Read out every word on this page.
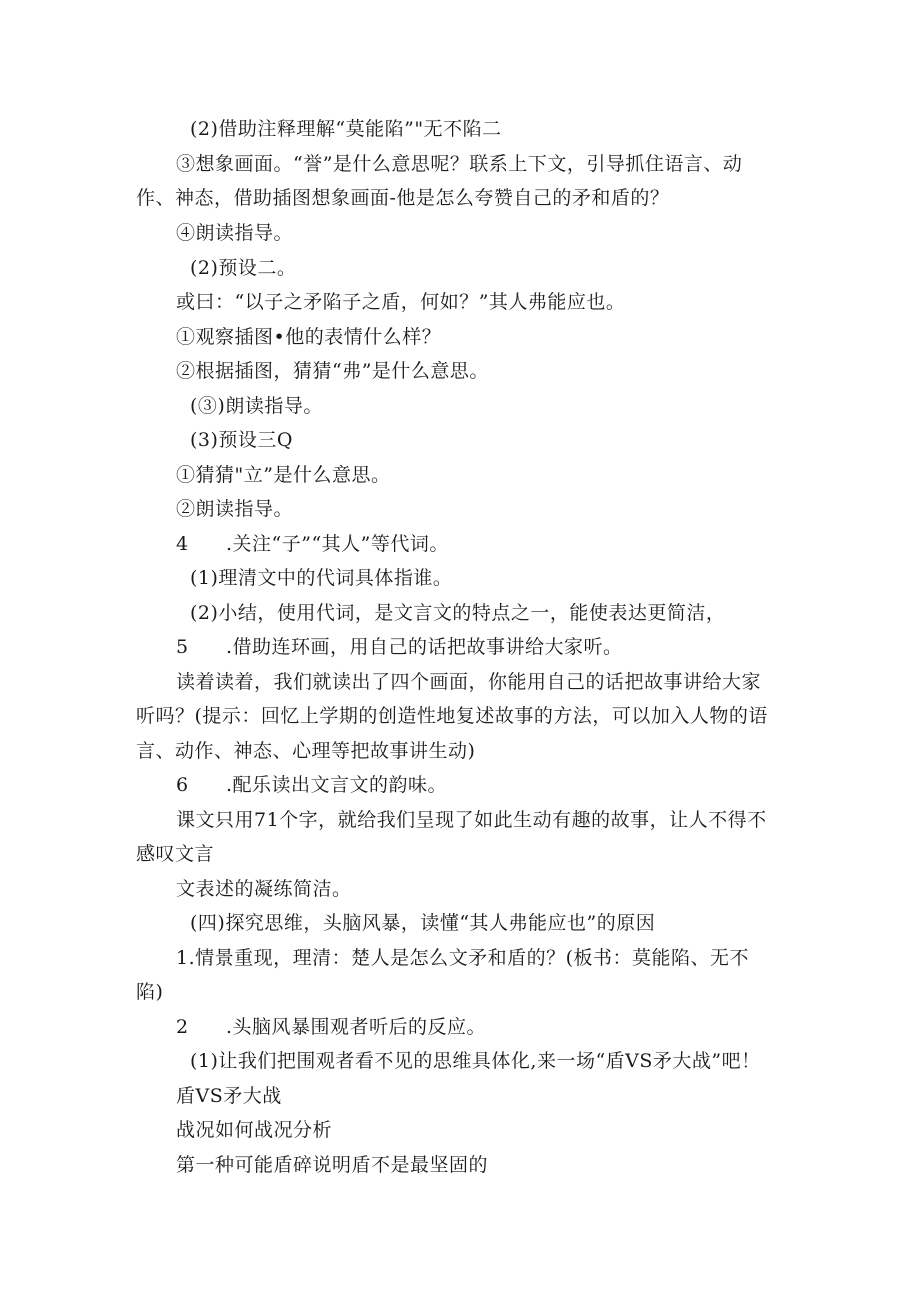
(2)借助注释理解“莫能陷”"无不陷二
③想象画面。“誉”是什么意思呢？联系上下文，引导抓住语言、动
作、神态，借助插图想象画面-他是怎么夸赞自己的矛和盾的？
④朗读指导。
(2)预设二。
或曰：“以子之矛陷子之盾，何如？”其人弗能应也。
①观察插图•他的表情什么样？
②根据插图，猜猜“弗”是什么意思。
(③)朗读指导。
(3)预设三Q
①猜猜"立”是什么意思。
②朗读指导。
4 .关注“子”“其人”等代词。
(1)理清文中的代词具体指谁。
(2)小结，使用代词，是文言文的特点之一，能使表达更简洁，
5 .借助连环画，用自己的话把故事讲给大家听。
读着读着，我们就读出了四个画面，你能用自己的话把故事讲给大家
听吗？(提示：回忆上学期的创造性地复述故事的方法，可以加入人物的语
言、动作、神态、心理等把故事讲生动)
6 .配乐读出文言文的韵味。
课文只用71个字，就给我们呈现了如此生动有趣的故事，让人不得不
感叹文言
文表述的凝练简洁。
(四)探究思维，头脑风暴，读懂“其人弗能应也”的原因
1.情景重现，理清：楚人是怎么文矛和盾的？(板书：莫能陷、无不
陷)
2 .头脑风暴围观者听后的反应。
(1)让我们把围观者看不见的思维具体化,来一场“盾VS矛大战”吧！
盾VS矛大战
战况如何战况分析
第一种可能盾碎说明盾不是最坚固的
